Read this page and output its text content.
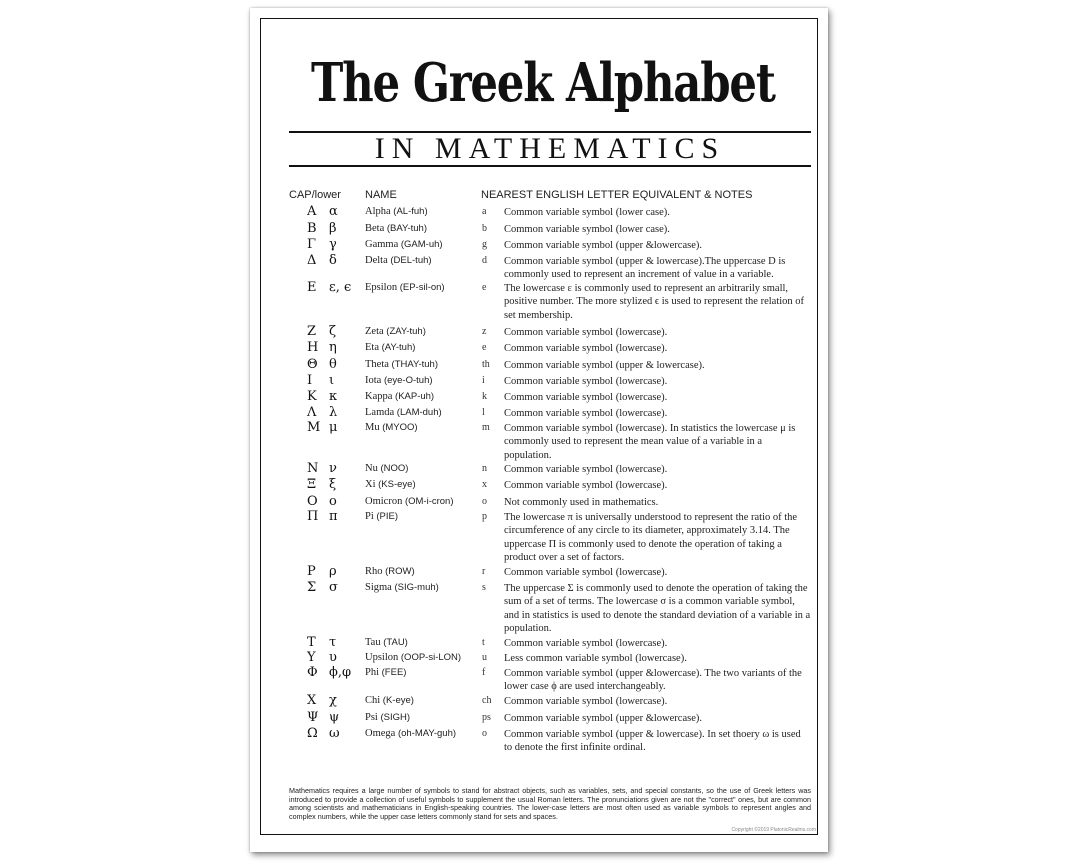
The Greek Alphabet
IN MATHEMATICS
CAP/lower NAME	NEAREST ENGLISH LETTER EQUIVALENT & NOTES
Α α	Alpha (AL-fuh)	a Common variable symbol (lower case).
Β β	Beta (BAY-tuh)	b Common variable symbol (lower case).
Γ γ	Gamma (GAM-uh)	g Common variable symbol (upper &lowercase).
Δ δ	Delta (DEL-tuh)	d Common variable symbol (upper & lowercase).The uppercase D is commonly used to represent an increment of value in a variable.
Ε ε, ϵ Epsilon (EP-sil-on)	e The lowercase ε is commonly used to represent an arbitrarily small, positive number. The more stylized ϵ is used to represent the relation of set membership.
Ζ ζ	Zeta (ZAY-tuh)	z Common variable symbol (lowercase).
Η η	Eta (AY-tuh)	e Common variable symbol (lowercase).
Θ θ	Theta (THAY-tuh)	th Common variable symbol (upper & lowercase).
Ι ι	Iota (eye-O-tuh)	i Common variable symbol (lowercase).
Κ κ	Kappa (KAP-uh)	k Common variable symbol (lowercase).
Λ λ	Lamda (LAM-duh)	l Common variable symbol (lowercase).
Μ μ	Mu (MYOO)	m Common variable symbol (lowercase). In statistics the lowercase μ is commonly used to represent the mean value of a variable in a population.
Ν ν	Nu (NOO)	n Common variable symbol (lowercase).
Ξ ξ	Xi (KS-eye)	x Common variable symbol (lowercase).
Ο ο	Omicron (OM-i-cron)	o Not commonly used in mathematics.
Π π	Pi (PIE)	p The lowercase π is universally understood to represent the ratio of the circumference of any circle to its diameter, approximately 3.14. The uppercase Π is commonly used to denote the operation of taking a product over a set of factors.
Ρ ρ	Rho (ROW)	r Common variable symbol (lowercase).
Σ σ	Sigma (SIG-muh)	s The uppercase Σ is commonly used to denote the operation of taking the sum of a set of terms. The lowercase σ is a common variable symbol, and in statistics is used to denote the standard deviation of a variable in a population.
Τ τ	Tau (TAU)	t Common variable symbol (lowercase).
Υ υ	Upsilon (OOP-si-LON) u Less common variable symbol (lowercase).
Φ ϕ,φ Phi (FEE)	f Common variable symbol (upper &lowercase). The two variants of the lower case ϕ are used interchangeably.
Χ χ	Chi (K-eye)	ch Common variable symbol (lowercase).
Ψ ψ Psi (SIGH)	ps Common variable symbol (upper &lowercase).
Ω ω Omega (oh-MAY-guh)	o Common variable symbol (upper & lowercase). In set thoery ω is used to denote the first infinite ordinal.
Mathematics requires a large number of symbols to stand for abstract objects, such as variables, sets, and special constants, so the use of Greek letters was introduced to provide a collection of useful symbols to supplement the usual Roman letters. The pronunciations given are not the "correct" ones, but are common among scientists and mathematicians in English-speaking countries. The lower-case letters are most often used as variable symbols to represent angles and complex numbers, while the upper case letters commonly stand for sets and spaces.
Copyright ©2019 PlatonicRealms.com
